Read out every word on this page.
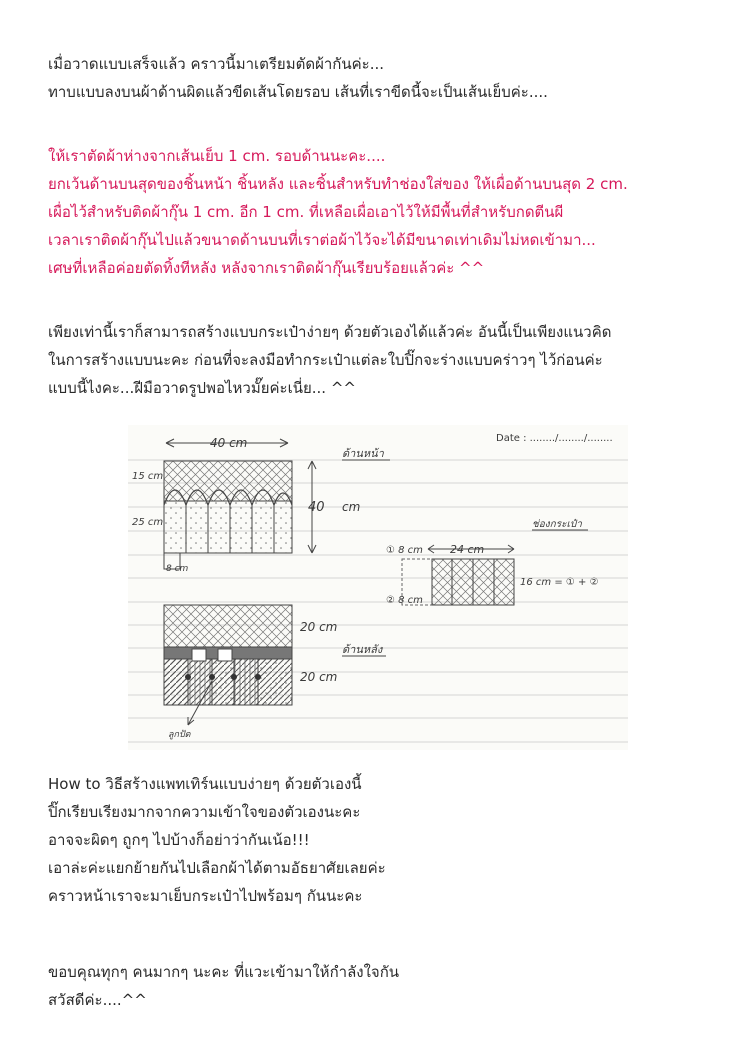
เมื่อวาดแบบเสร็จแล้ว คราวนี้มาเตรียมตัดผ้ากันค่ะ...

ทาบแบบลงบนผ้าด้านผิดแล้วขีดเส้นโดยรอบ เส้นที่เราขีดนี้จะเป็นเส้นเย็บค่ะ....

ให้เราตัดผ้าห่างจากเส้นเย็บ 1 cm. รอบด้านนะคะ....

ยกเว้นด้านบนสุดของชิ้นหน้า ชิ้นหลัง และชิ้นสำหรับทำช่องใส่ของ ให้เผื่อด้านบนสุด 2 cm.

เผื่อไว้สำหรับติดผ้ากุ๊น 1 cm. อีก 1 cm. ที่เหลือเผื่อเอาไว้ให้มีพื้นที่สำหรับกดตีนผี

เวลาเราติดผ้ากุ๊นไปแล้วขนาดด้านบนที่เราต่อผ้าไว้จะได้มีขนาดเท่าเดิมไม่หดเข้ามา...

เศษที่เหลือค่อยตัดทิ้งทีหลัง หลังจากเราติดผ้ากุ๊นเรียบร้อยแล้วค่ะ ^^

เพียงเท่านี้เราก็สามารถสร้างแบบกระเป๋าง่ายๆ ด้วยตัวเองได้แล้วค่ะ อันนี้เป็นเพียงแนวคิด

ในการสร้างแบบนะคะ ก่อนที่จะลงมือทำกระเป๋าแต่ละใบปิ๊กจะร่างแบบคร่าวๆ ไว้ก่อนค่ะ

แบบนี้ไงคะ...ฝีมือวาดรูปพอไหวมั๊ยค่ะเนี่ย... ^^

Date : ......../......../........
40 cm
15 cm
25 cm
8 cm
40 cm
ด้านหน้า
ช่องกระเป๋า
① 8 cm
② 8 cm
24 cm
16 cm = ① + ②
20 cm
20 cm
ด้านหลัง
ลูกปัด

How to วิธีสร้างแพทเทิร์นแบบง่ายๆ ด้วยตัวเองนี้

ปิ๊กเรียบเรียงมากจากความเข้าใจของตัวเองนะคะ

อาจจะผิดๆ ถูกๆ ไปบ้างก็อย่าว่ากันเน้อ!!!

เอาล่ะค่ะแยกย้ายกันไปเลือกผ้าได้ตามอัธยาศัยเลยค่ะ

คราวหน้าเราจะมาเย็บกระเป๋าไปพร้อมๆ กันนะคะ

ขอบคุณทุกๆ คนมากๆ นะคะ ที่แวะเข้ามาให้กำลังใจกัน

สวัสดีค่ะ....^^
